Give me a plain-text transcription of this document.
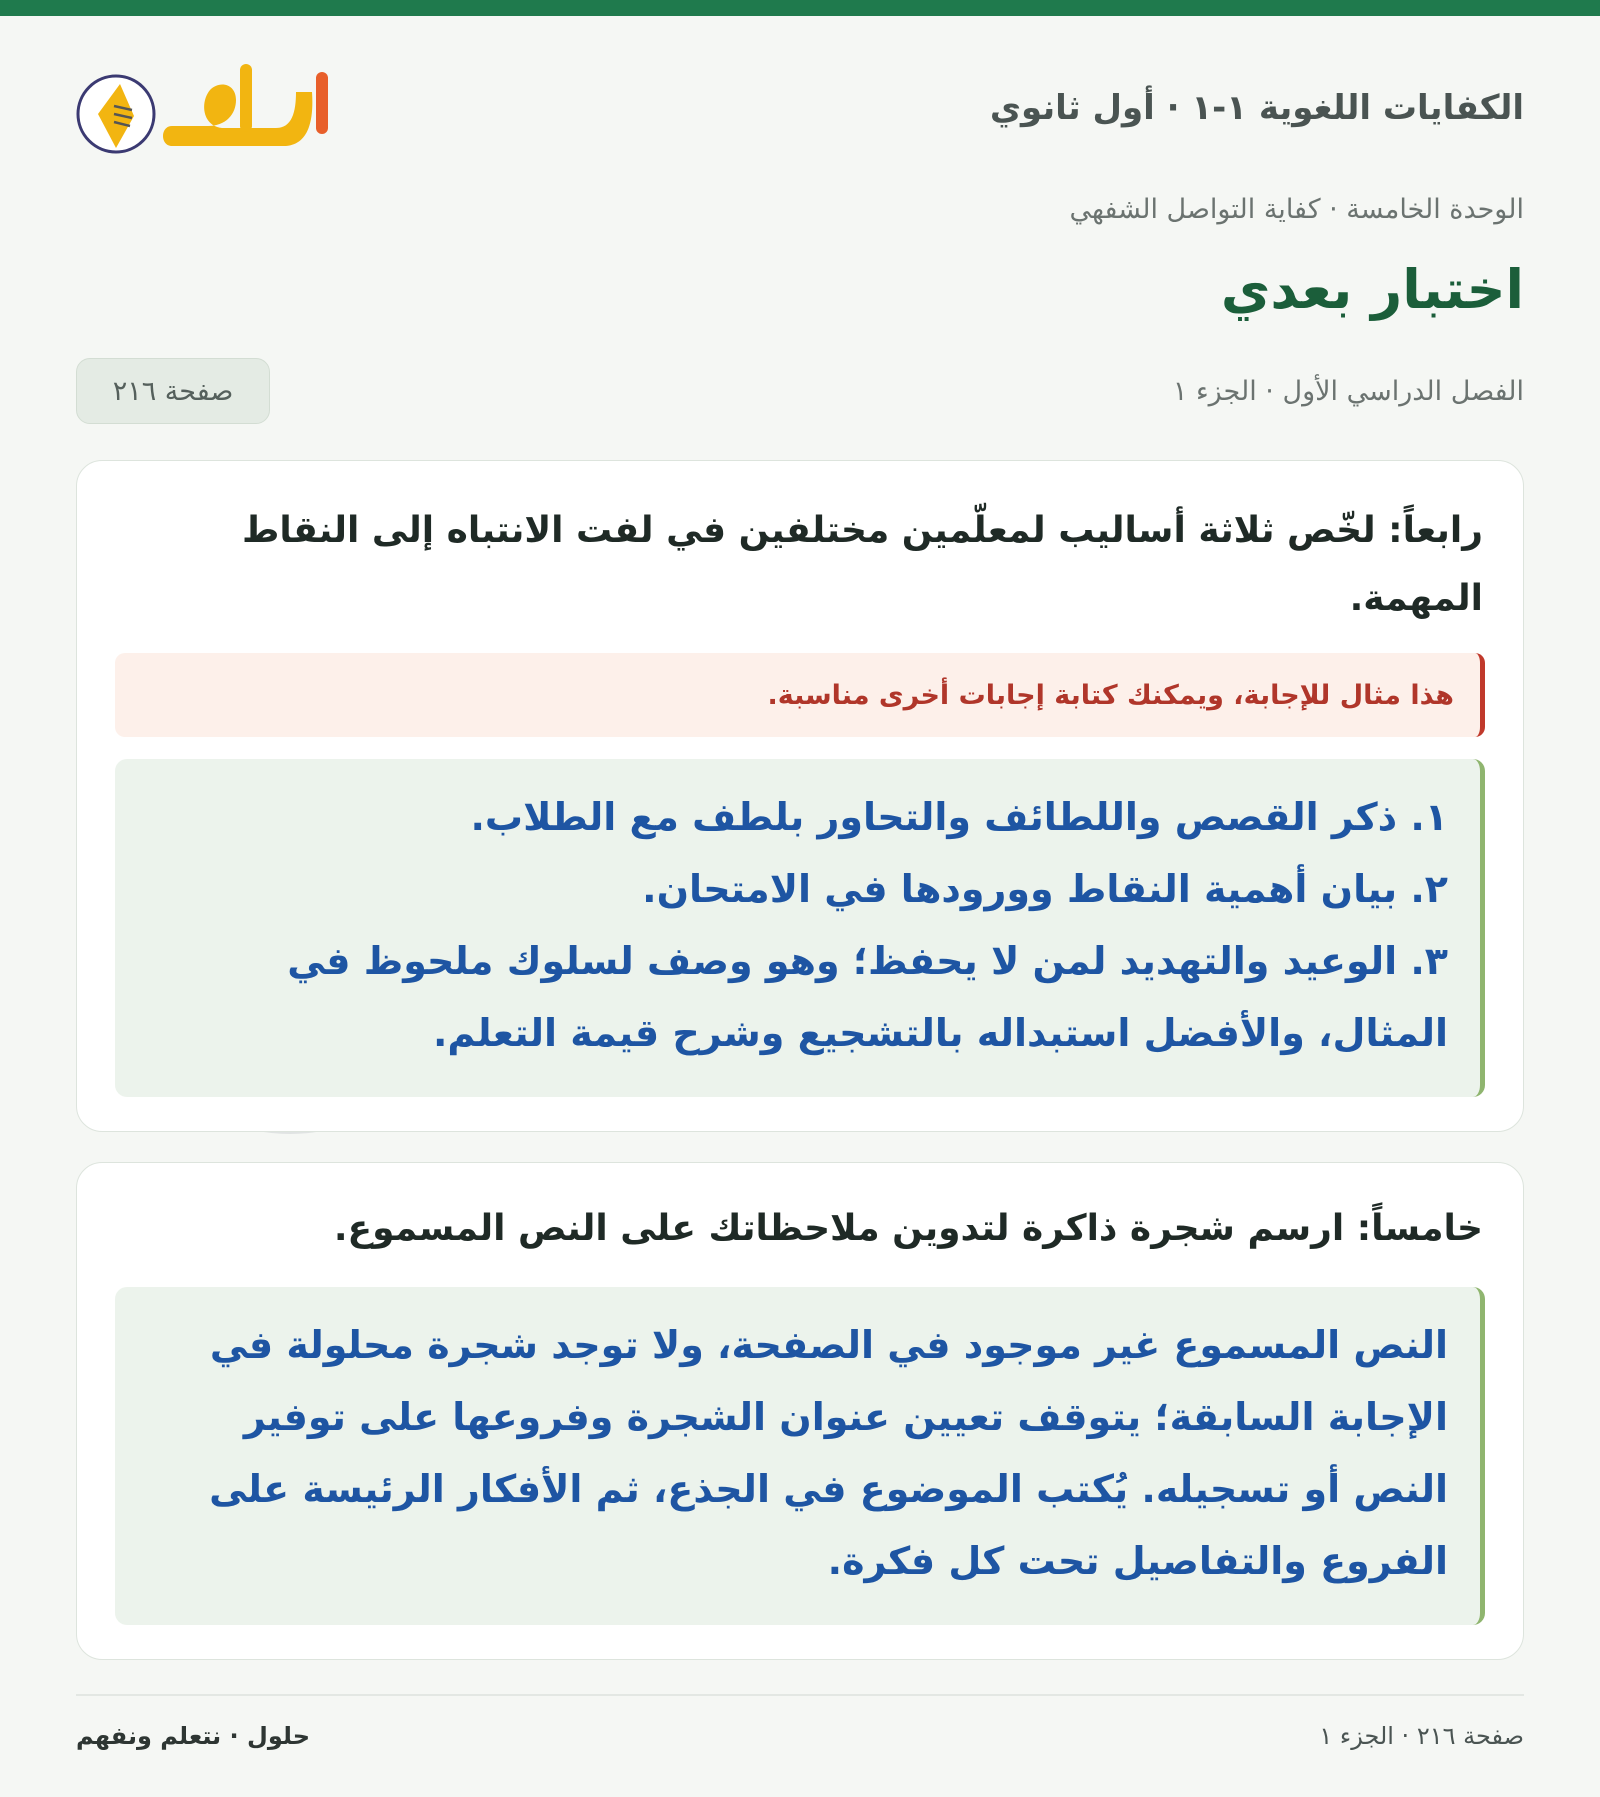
الكفايات اللغوية ١-١ · أول ثانوي

الوحدة الخامسة · كفاية التواصل الشفهي

اختبار بعدي

الفصل الدراسي الأول · الجزء ١

صفحة ٢١٦

رابعاً: لخّص ثلاثة أساليب لمعلّمين مختلفين في لفت الانتباه إلى النقاط المهمة.

هذا مثال للإجابة، ويمكنك كتابة إجابات أخرى مناسبة.
١. ذكر القصص واللطائف والتحاور بلطف مع الطلاب.
٢. بيان أهمية النقاط وورودها في الامتحان.
٣. الوعيد والتهديد لمن لا يحفظ؛ وهو وصف لسلوك ملحوظ في المثال، والأفضل استبداله بالتشجيع وشرح قيمة التعلم.

خامساً: ارسم شجرة ذاكرة لتدوين ملاحظاتك على النص المسموع.

النص المسموع غير موجود في الصفحة، ولا توجد شجرة محلولة في الإجابة السابقة؛ يتوقف تعيين عنوان الشجرة وفروعها على توفير النص أو تسجيله. يُكتب الموضوع في الجذع، ثم الأفكار الرئيسة على الفروع والتفاصيل تحت كل فكرة.

صفحة ٢١٦ · الجزء ١

حلول · نتعلم ونفهم
